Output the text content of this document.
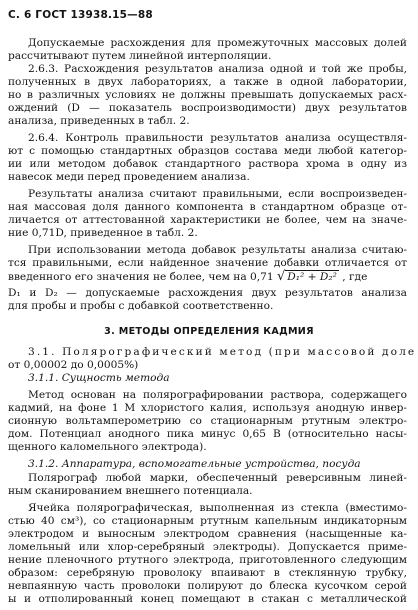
С. 6 ГОСТ 13938.15—88
Допускаемые расхождения для промежуточных массовых долей
рассчитывают путем линейной интерполяции.
2.6.3. Расхождения результатов анализа одной и той же пробы,
полученных в двух лабораториях, а также в одной лаборатории,
но в различных условиях не должны превышать допускаемых расх-
ождений (D — показатель воспроизводимости) двух результатов
анализа, приведенных в табл. 2.
2.6.4. Контроль правильности результатов анализа осуществля-
ют с помощью стандартных образцов состава меди любой категор-
ии или методом добавок стандартного раствора хрома в одну из
навесок меди перед проведением анализа.
Результаты анализа считают правильными, если воспроизведен-
ная массовая доля данного компонента в стандартном образце от-
личается от аттестованной характеристики не более, чем на значе-
ние 0,71D, приведенное в табл. 2.
При использовании метода добавок результаты анализа считаю-
тся правильными, если найденное значение добавки отличается от
введенного его значения не более, чем на 0,71 √ D₁² + D₂² , где
D₁ и D₂ — допускаемые расхождения двух результатов анализа
для пробы и пробы с добавкой соответственно.
3. МЕТОДЫ ОПРЕДЕЛЕНИЯ КАДМИЯ
3.1. Полярографический метод (при массовой доле
от 0,00002 до 0,0005%)
3.1.1. Сущность метода
Метод основан на полярографировании раствора, содержащего
кадмий, на фоне 1 М хлористого калия, используя анодную инвер-
сионную вольтамперометрию со стационарным ртутным электро-
дом. Потенциал анодного пика минус 0,65 В (относительно насы-
щенного каломельного электрода).
3.1.2. Аппаратура, вспомогательные устройства, посуда
Полярограф любой марки, обеспеченный реверсивным линей-
ным сканированием внешнего потенциала.
Ячейка полярографическая, выполненная из стекла (вместимо-
стью 40 см³), со стационарным ртутным капельным индикаторным
электродом и выносным электродом сравнения (насыщенные ка-
ломельный или хлор-серебряный электроды). Допускается приме-
нение пленочного ртутного электрода, приготовленного следующим
образом: серебряную проволоку впаивают в стеклянную трубку,
невпаянную часть проволоки полируют до блеска кусочком серой
ы и отполированный конец помещают в стакан с металлической
